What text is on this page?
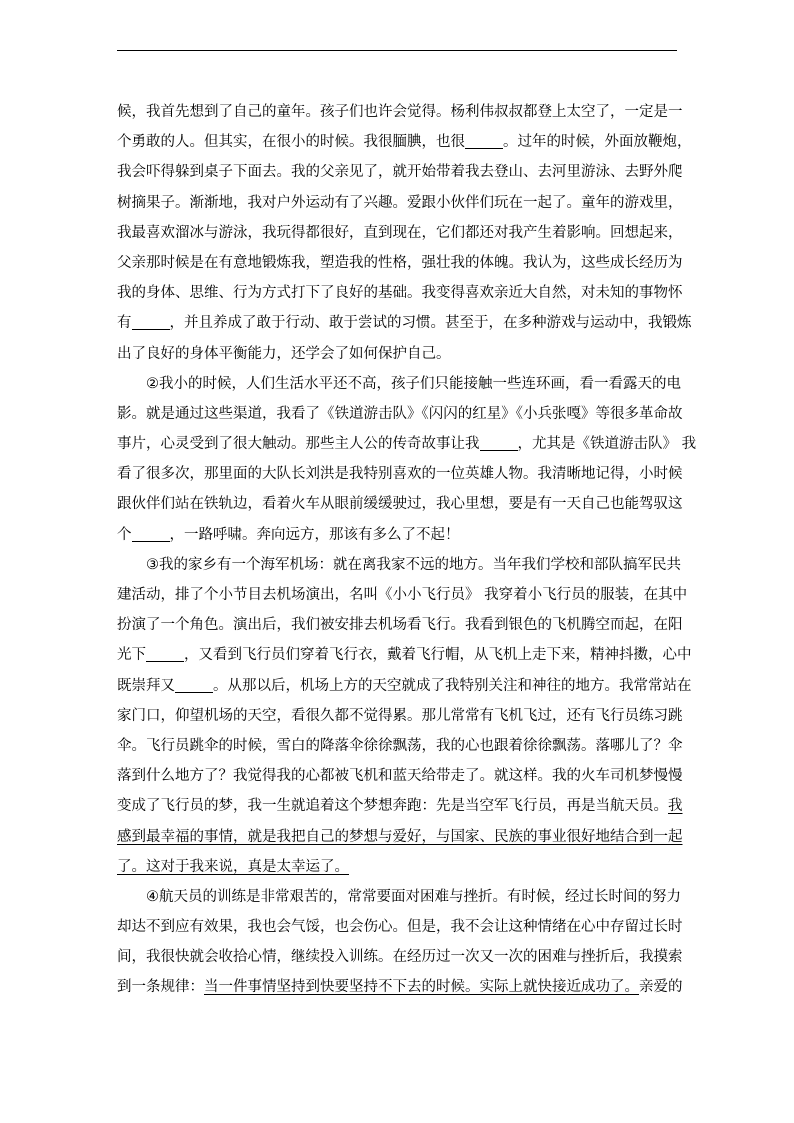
候，我首先想到了自己的童年。孩子们也许会觉得。杨利伟叔叔都登上太空了，一定是一
个勇敢的人。但其实，在很小的时候。我很腼腆，也很	。过年的时候，外面放鞭炮，
我会吓得躲到桌子下面去。我的父亲见了，就开始带着我去登山、去河里游泳、去野外爬
树摘果子。渐渐地，我对户外运动有了兴趣。爱跟小伙伴们玩在一起了。童年的游戏里，
我最喜欢溜冰与游泳，我玩得都很好，直到现在，它们都还对我产生着影响。回想起来，
父亲那时候是在有意地锻炼我，塑造我的性格，强壮我的体魄。我认为，这些成长经历为
我的身体、思维、行为方式打下了良好的基础。我变得喜欢亲近大自然，对未知的事物怀
有	，并且养成了敢于行动、敢于尝试的习惯。甚至于，在多种游戏与运动中，我锻炼
出了良好的身体平衡能力，还学会了如何保护自己。
②我小的时候，人们生活水平还不高，孩子们只能接触一些连环画，看一看露天的电
影。就是通过这些渠道，我看了《铁道游击队》《闪闪的红星》《小兵张嘎》等很多革命故
事片，心灵受到了很大触动。那些主人公的传奇故事让我	，尤其是《铁道游击队》 我
看了很多次，那里面的大队长刘洪是我特别喜欢的一位英雄人物。我清晰地记得，小时候
跟伙伴们站在铁轨边，看着火车从眼前缓缓驶过，我心里想，要是有一天自己也能驾驭这
个	，一路呼啸。奔向远方，那该有多么了不起！
③我的家乡有一个海军机场：就在离我家不远的地方。当年我们学校和部队搞军民共
建活动，排了个小节目去机场演出，名叫《小小飞行员》 我穿着小飞行员的服装，在其中
扮演了一个角色。演出后，我们被安排去机场看飞行。我看到银色的飞机腾空而起，在阳
光下	，又看到飞行员们穿着飞行衣，戴着飞行帽，从飞机上走下来，精神抖擞，心中
既崇拜又	。从那以后，机场上方的天空就成了我特别关注和神往的地方。我常常站在
家门口，仰望机场的天空，看很久都不觉得累。那儿常常有飞机飞过，还有飞行员练习跳
伞。飞行员跳伞的时候，雪白的降落伞徐徐飘荡，我的心也跟着徐徐飘荡。落哪儿了？伞
落到什么地方了？我觉得我的心都被飞机和蓝天给带走了。就这样。我的火车司机梦慢慢
变成了飞行员的梦，我一生就追着这个梦想奔跑：先是当空军飞行员，再是当航天员。我
感到最幸福的事情，就是我把自己的梦想与爱好，与国家、民族的事业很好地结合到一起
了。这对于我来说，真是太幸运了。
④航天员的训练是非常艰苦的，常常要面对困难与挫折。有时候，经过长时间的努力
却达不到应有效果，我也会气馁，也会伤心。但是，我不会让这种情绪在心中存留过长时
间，我很快就会收拾心情，继续投入训练。在经历过一次又一次的困难与挫折后，我摸索
到一条规律：当一件事情坚持到快要坚持不下去的时候。实际上就快接近成功了。亲爱的
